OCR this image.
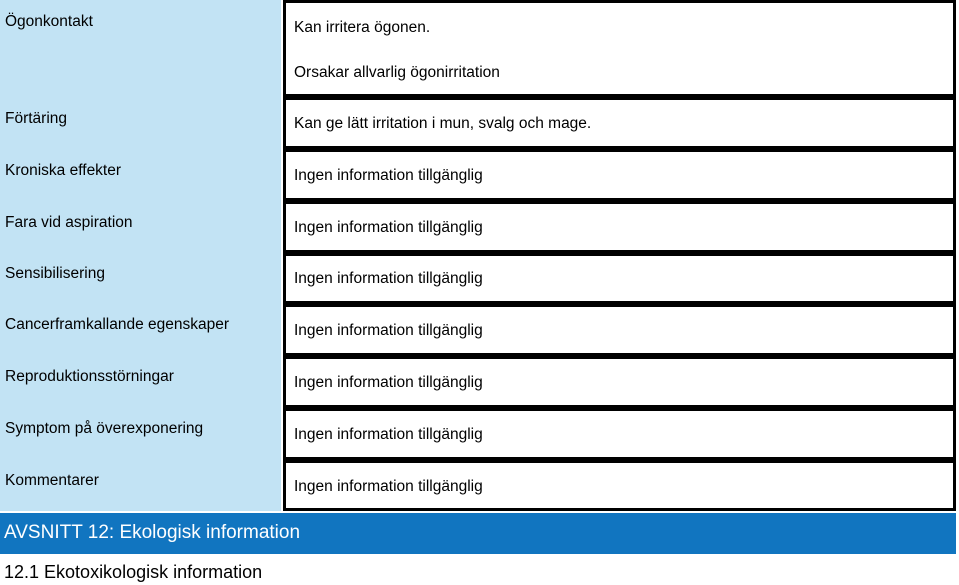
Ögonkontakt	Kan irritera ögonen.
Orsakar allvarlig ögonirritation
Förtäring	Kan ge lätt irritation i mun, svalg och mage.
Kroniska effekter	Ingen information tillgänglig
Fara vid aspiration	Ingen information tillgänglig
Sensibilisering	Ingen information tillgänglig
Cancerframkallande egenskaper	Ingen information tillgänglig
Reproduktionsstörningar	Ingen information tillgänglig
Symptom på överexponering	Ingen information tillgänglig
Kommentarer	Ingen information tillgänglig
AVSNITT 12: Ekologisk information
12.1 Ekotoxikologisk information
